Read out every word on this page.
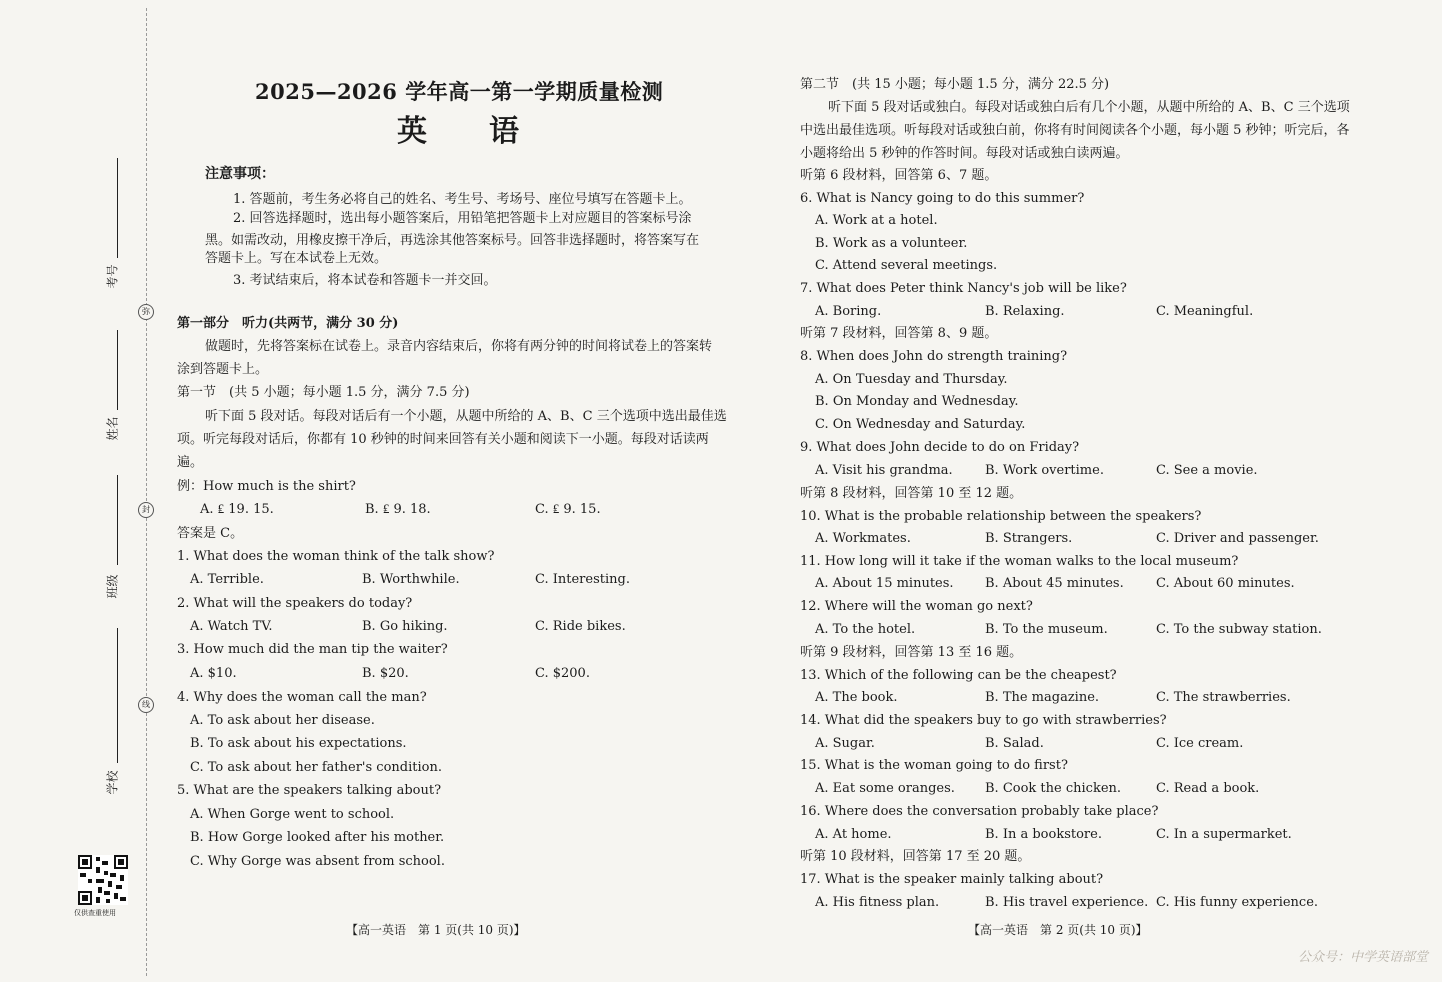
考号
姓名
班级
学校
弥
封
线
仅供查重使用
2025—2026 学年高一第一学期质量检测
英语
注意事项：
1. 答题前，考生务必将自己的姓名、考生号、考场号、座位号填写在答题卡上。
2. 回答选择题时，选出每小题答案后，用铅笔把答题卡上对应题目的答案标号涂
黑。如需改动，用橡皮擦干净后，再选涂其他答案标号。回答非选择题时，将答案写在
答题卡上。写在本试卷上无效。
3. 考试结束后，将本试卷和答题卡一并交回。
第一部分　听力(共两节，满分 30 分)
做题时，先将答案标在试卷上。录音内容结束后，你将有两分钟的时间将试卷上的答案转
涂到答题卡上。
第一节　(共 5 小题；每小题 1.5 分，满分 7.5 分)
听下面 5 段对话。每段对话后有一个小题，从题中所给的 A、B、C 三个选项中选出最佳选
项。听完每段对话后，你都有 10 秒钟的时间来回答有关小题和阅读下一小题。每段对话读两
遍。
例：How much is the shirt?
A. ₤ 19. 15.	B. ₤ 9. 18.	C. ₤ 9. 15.
答案是 C。
1. What does the woman think of the talk show?
A. Terrible.	B. Worthwhile.	C. Interesting.
2. What will the speakers do today?
A. Watch TV.	B. Go hiking.	C. Ride bikes.
3. How much did the man tip the waiter?
A. $10.	B. $20.	C. $200.
4. Why does the woman call the man?
A. To ask about her disease.
B. To ask about his expectations.
C. To ask about her father's condition.
5. What are the speakers talking about?
A. When Gorge went to school.
B. How Gorge looked after his mother.
C. Why Gorge was absent from school.
【高一英语　第 1 页(共 10 页)】
第二节　(共 15 小题；每小题 1.5 分，满分 22.5 分)
听下面 5 段对话或独白。每段对话或独白后有几个小题，从题中所给的 A、B、C 三个选项
中选出最佳选项。听每段对话或独白前，你将有时间阅读各个小题，每小题 5 秒钟；听完后，各
小题将给出 5 秒钟的作答时间。每段对话或独白读两遍。
听第 6 段材料，回答第 6、7 题。
6. What is Nancy going to do this summer?
A. Work at a hotel.
B. Work as a volunteer.
C. Attend several meetings.
7. What does Peter think Nancy's job will be like?
A. Boring.	B. Relaxing.	C. Meaningful.
听第 7 段材料，回答第 8、9 题。
8. When does John do strength training?
A. On Tuesday and Thursday.
B. On Monday and Wednesday.
C. On Wednesday and Saturday.
9. What does John decide to do on Friday?
A. Visit his grandma. B. Work overtime.	C. See a movie.
听第 8 段材料，回答第 10 至 12 题。
10. What is the probable relationship between the speakers?
A. Workmates.	B. Strangers.	C. Driver and passenger.
11. How long will it take if the woman walks to the local museum?
A. About 15 minutes. B. About 45 minutes. C. About 60 minutes.
12. Where will the woman go next?
A. To the hotel.	B. To the museum.	C. To the subway station.
听第 9 段材料，回答第 13 至 16 题。
13. Which of the following can be the cheapest?
A. The book.	B. The magazine.	C. The strawberries.
14. What did the speakers buy to go with strawberries?
A. Sugar.	B. Salad.	C. Ice cream.
15. What is the woman going to do first?
A. Eat some oranges. B. Cook the chicken.	C. Read a book.
16. Where does the conversation probably take place?
A. At home.	B. In a bookstore.	C. In a supermarket.
听第 10 段材料，回答第 17 至 20 题。
17. What is the speaker mainly talking about?
A. His fitness plan.	B. His travel experience. C. His funny experience.
【高一英语　第 2 页(共 10 页)】
公众号：中学英语部堂
